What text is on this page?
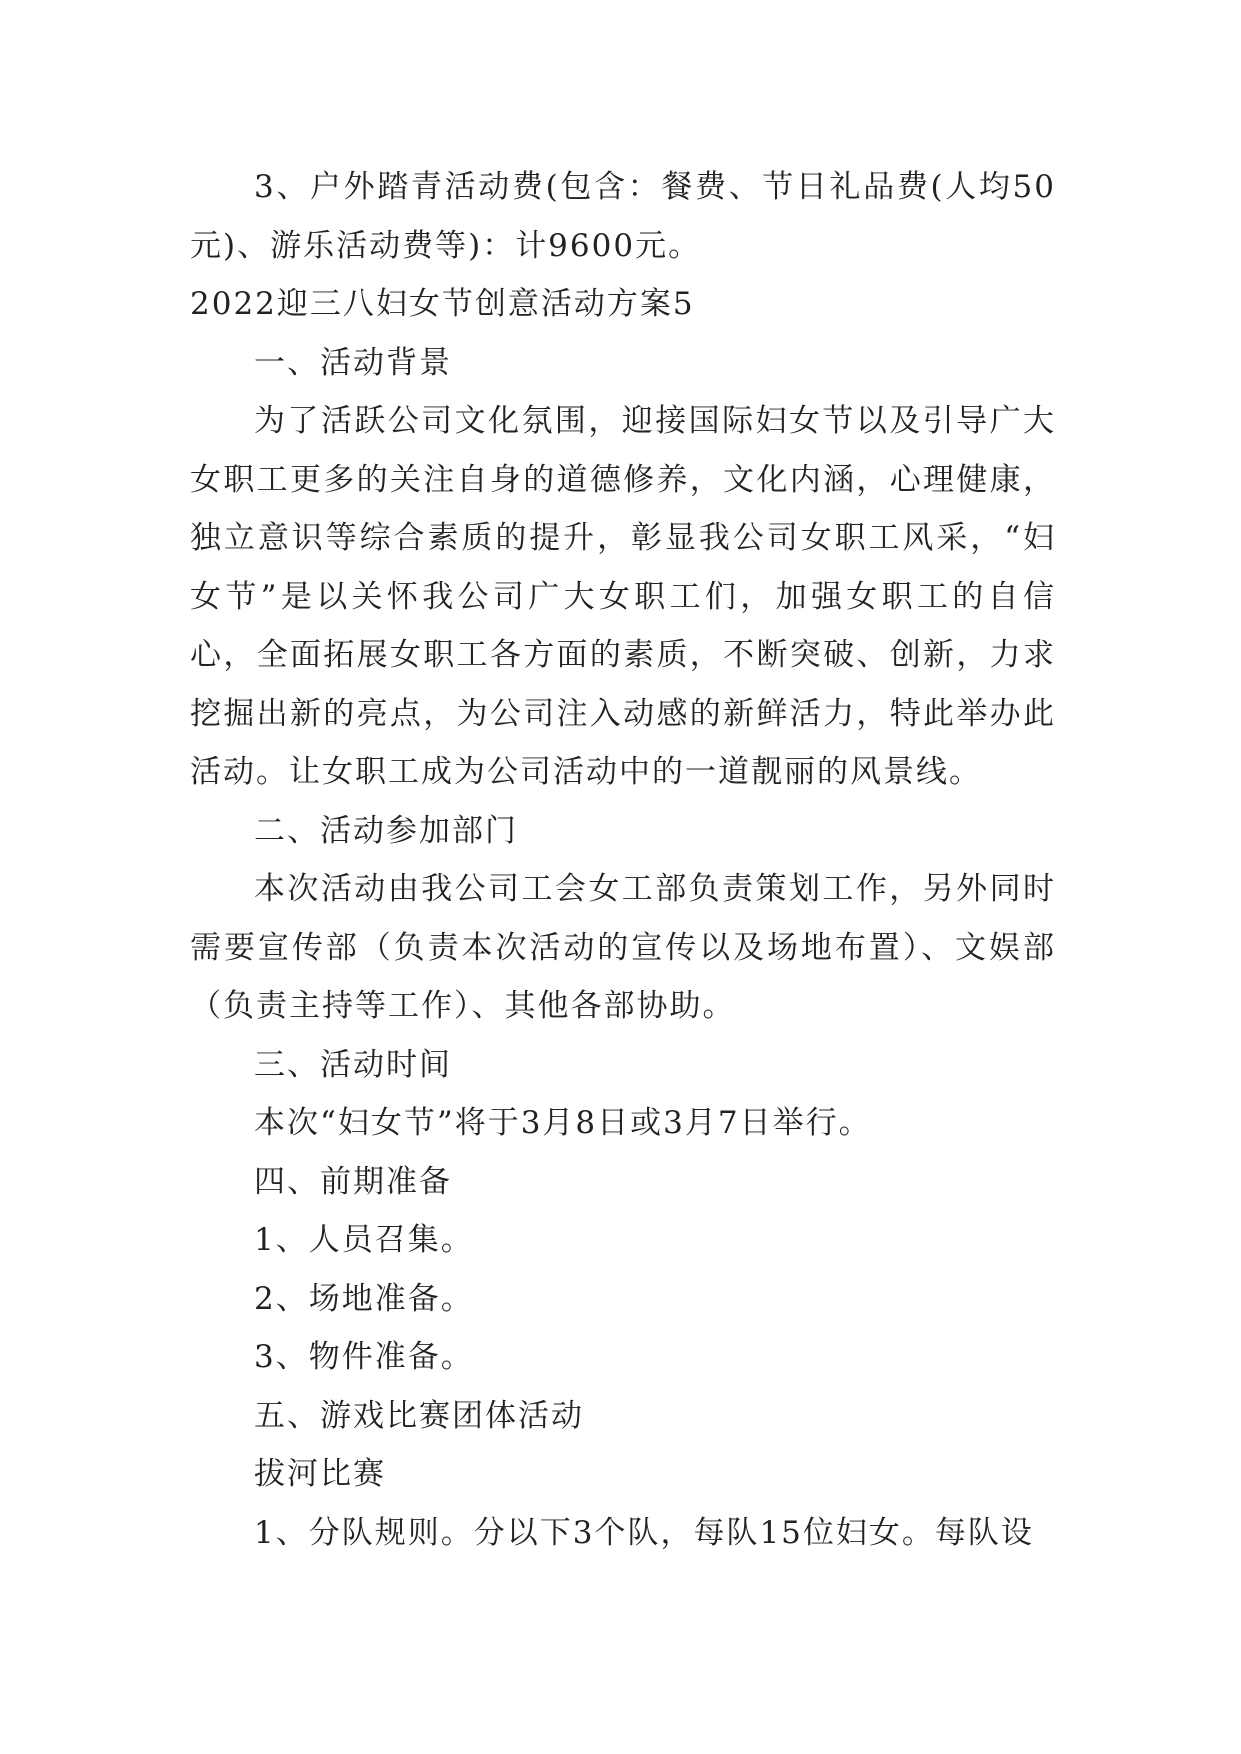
3、户外踏青活动费(包含：餐费、节日礼品费(人均50元)、游乐活动费等)：计9600元。

2022迎三八妇女节创意活动方案5

一、活动背景

为了活跃公司文化氛围，迎接国际妇女节以及引导广大女职工更多的关注自身的道德修养，文化内涵，心理健康，独立意识等综合素质的提升，彰显我公司女职工风采，“妇女节”是以关怀我公司广大女职工们，加强女职工的自信心，全面拓展女职工各方面的素质，不断突破、创新，力求挖掘出新的亮点，为公司注入动感的新鲜活力，特此举办此活动。让女职工成为公司活动中的一道靓丽的风景线。

二、活动参加部门

本次活动由我公司工会女工部负责策划工作，另外同时需要宣传部（负责本次活动的宣传以及场地布置）、文娱部（负责主持等工作）、其他各部协助。

三、活动时间

本次“妇女节”将于3月8日或3月7日举行。

四、前期准备

1、人员召集。

2、场地准备。

3、物件准备。

五、游戏比赛团体活动

拔河比赛

1、分队规则。分以下3个队，每队15位妇女。每队设
